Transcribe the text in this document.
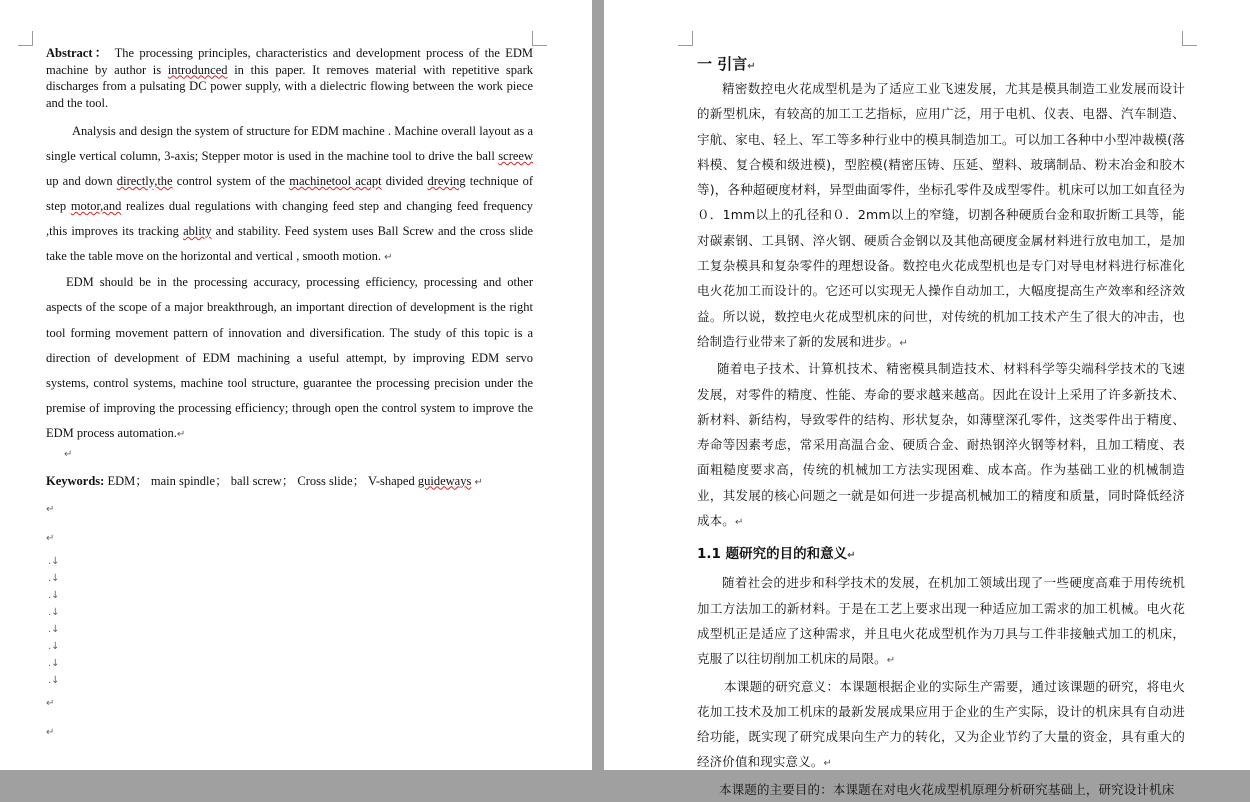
Abstract： The processing principles, characteristics and development process of the EDM machine by author is introdunced in this paper. It removes material with repetitive spark discharges from a pulsating DC power supply, with a dielectric flowing between the work piece and the tool.

Analysis and design the system of structure for EDM machine . Machine overall layout as a single vertical column, 3-axis; Stepper motor is used in the machine tool to drive the ball screew up and down directly,the control system of the machinetool acapt divided dreving technique of step motor,and realizes dual regulations with changing feed step and changing feed frequency ,this improves its tracking ablity and stability. Feed system uses Ball Screw and the cross slide take the table move on the horizontal and vertical , smooth motion. ↵

EDM should be in the processing accuracy, processing efficiency, processing and other aspects of the scope of a major breakthrough, an important direction of development is the right tool forming movement pattern of innovation and diversification. The study of this topic is a direction of development of EDM machining a useful attempt, by improving EDM servo systems, control systems, machine tool structure, guarantee the processing precision under the premise of improving the processing efficiency; through open the control system to improve the EDM process automation.↵

↵

Keywords: EDM； main spindle； ball screw； Cross slide； V-shaped guideways ↵

↵
↵
.↓
.↓
.↓
.↓
.↓
.↓
.↓
.↓
↵
↵
一 引言↵

精密数控电火花成型机是为了适应工业飞速发展，尤其是模具制造工业发展而设计的新型机床，有较高的加工工艺指标，应用广泛，用于电机、仪表、电器、汽车制造、宇航、家电、轻上、军工等多种行业中的模具制造加工。可以加工各种中小型冲裁模(落料模、复合模和级进模)，型腔模(精密压铸、压延、塑料、玻璃制品、粉末冶金和胶木等)，各种超硬度材料，异型曲面零件，坐标孔零件及成型零件。机床可以加工如直径为０．1mm以上的孔径和０．2mm以上的窄缝，切割各种硬质台金和取折断工具等，能对碳素钢、工具钢、淬火钢、硬质合金钢以及其他高硬度金属材料进行放电加工，是加工复杂模具和复杂零件的理想设备。数控电火花成型机也是专门对导电材料进行标准化电火花加工而设计的。它还可以实现无人操作自动加工，大幅度提高生产效率和经济效益。所以说，数控电火花成型机床的问世，对传统的机加工技术产生了很大的冲击，也给制造行业带来了新的发展和进步。↵

随着电子技术、计算机技术、精密模具制造技术、材料科学等尖端科学技术的飞速发展，对零件的精度、性能、寿命的要求越来越高。因此在设计上采用了许多新技术、新材料、新结构，导致零件的结构、形状复杂，如薄壁深孔零件，这类零件出于精度、寿命等因素考虑，常采用高温合金、硬质合金、耐热钢淬火钢等材料，且加工精度、表面粗糙度要求高，传统的机械加工方法实现困难、成本高。作为基础工业的机械制造业，其发展的核心问题之一就是如何进一步提高机械加工的精度和质量，同时降低经济成本。↵

1.1 题研究的目的和意义↵

随着社会的进步和科学技术的发展，在机加工领域出现了一些硬度高难于用传统机加工方法加工的新材料。于是在工艺上要求出现一种适应加工需求的加工机械。电火花成型机正是适应了这种需求，并且电火花成型机作为刀具与工件非接触式加工的机床，克服了以往切削加工机床的局限。↵

本课题的研究意义：本课题根据企业的实际生产需要，通过该课题的研究，将电火花加工技术及加工机床的最新发展成果应用于企业的生产实际，设计的机床具有自动进给功能，既实现了研究成果向生产力的转化，又为企业节约了大量的资金，具有重大的经济价值和现实意义。↵

本课题的主要目的：本课题在对电火花成型机原理分析研究基础上，研究设计机床
